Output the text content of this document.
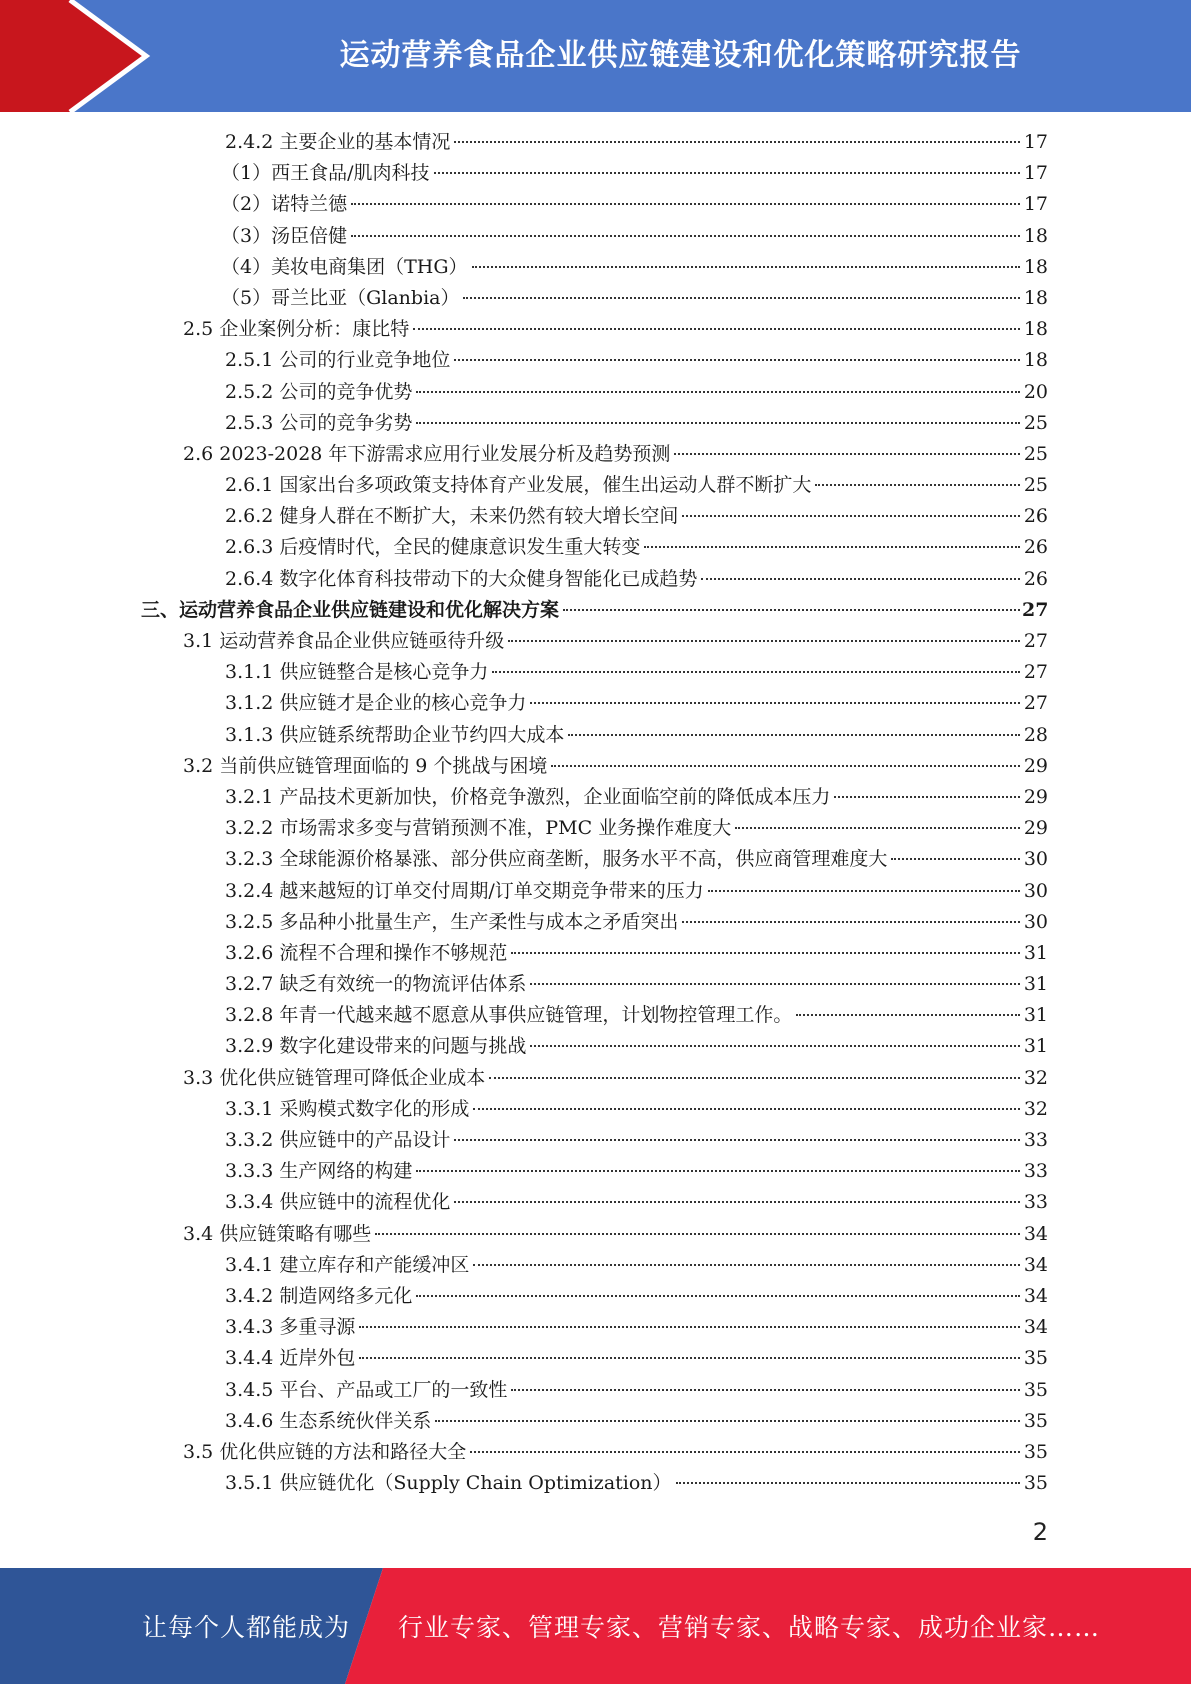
运动营养食品企业供应链建设和优化策略研究报告
2.4.2 主要企业的基本情况	17
（1）西王食品/肌肉科技	17
（2）诺特兰德	17
（3）汤臣倍健	18
（4）美妆电商集团（THG）	18
（5）哥兰比亚（Glanbia）	18
2.5 企业案例分析：康比特	18
2.5.1 公司的行业竞争地位	18
2.5.2 公司的竞争优势	20
2.5.3 公司的竞争劣势	25
2.6 2023-2028 年下游需求应用行业发展分析及趋势预测	25
2.6.1 国家出台多项政策支持体育产业发展，催生出运动人群不断扩大	25
2.6.2 健身人群在不断扩大，未来仍然有较大增长空间	26
2.6.3 后疫情时代，全民的健康意识发生重大转变	26
2.6.4 数字化体育科技带动下的大众健身智能化已成趋势	26
三、运动营养食品企业供应链建设和优化解决方案	27
3.1 运动营养食品企业供应链亟待升级	27
3.1.1 供应链整合是核心竞争力	27
3.1.2 供应链才是企业的核心竞争力	27
3.1.3 供应链系统帮助企业节约四大成本	28
3.2 当前供应链管理面临的 9 个挑战与困境	29
3.2.1 产品技术更新加快，价格竞争激烈，企业面临空前的降低成本压力	29
3.2.2 市场需求多变与营销预测不准，PMC 业务操作难度大	29
3.2.3 全球能源价格暴涨、部分供应商垄断，服务水平不高，供应商管理难度大	30
3.2.4 越来越短的订单交付周期/订单交期竞争带来的压力	30
3.2.5 多品种小批量生产，生产柔性与成本之矛盾突出	30
3.2.6 流程不合理和操作不够规范	31
3.2.7 缺乏有效统一的物流评估体系	31
3.2.8 年青一代越来越不愿意从事供应链管理，计划物控管理工作。	31
3.2.9 数字化建设带来的问题与挑战	31
3.3 优化供应链管理可降低企业成本	32
3.3.1 采购模式数字化的形成	32
3.3.2 供应链中的产品设计	33
3.3.3 生产网络的构建	33
3.3.4 供应链中的流程优化	33
3.4 供应链策略有哪些	34
3.4.1 建立库存和产能缓冲区	34
3.4.2 制造网络多元化	34
3.4.3 多重寻源	34
3.4.4 近岸外包	35
3.4.5 平台、产品或工厂的一致性	35
3.4.6 生态系统伙伴关系	35
3.5 优化供应链的方法和路径大全	35
3.5.1 供应链优化（Supply Chain Optimization）	35
2
让每个人都能成为 行业专家、管理专家、营销专家、战略专家、成功企业家……
